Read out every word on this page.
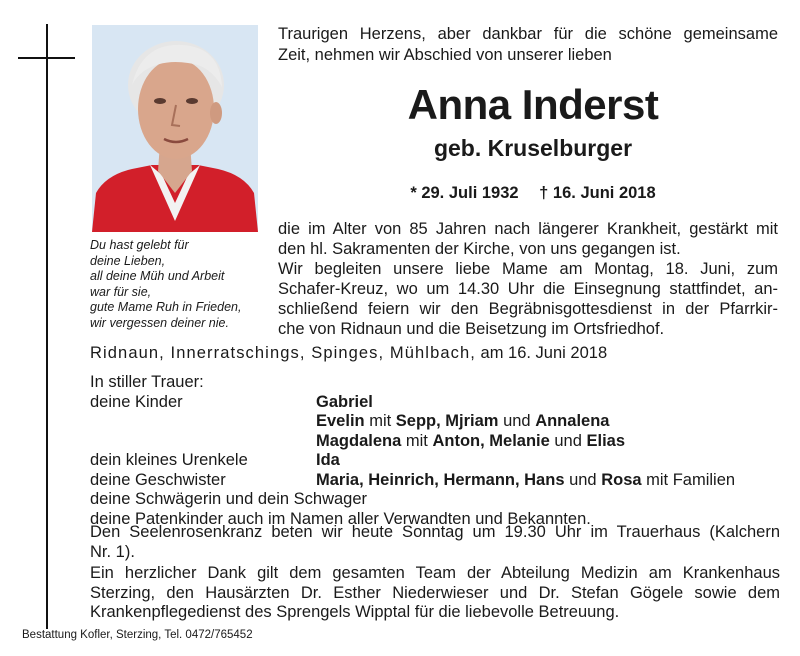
Du hast gelebt für
deine Lieben,
all deine Müh und Arbeit
war für sie,
gute Mame Ruh in Frieden,
wir vergessen deiner nie.
Traurigen Herzens, aber dankbar für die schöne gemeinsame
Zeit, nehmen wir Abschied von unserer lieben
Anna Inderst
geb. Kruselburger
* 29. Juli 1932 † 16. Juni 2018
die im Alter von 85 Jahren nach längerer Krankheit, gestärkt mit
den hl. Sakramenten der Kirche, von uns gegangen ist.
Wir begleiten unsere liebe Mame am Montag, 18. Juni, zum
Schafer-Kreuz, wo um 14.30 Uhr die Einsegnung stattfindet, an-
schließend feiern wir den Begräbnisgottesdienst in der Pfarrkir-
che von Ridnaun und die Beisetzung im Ortsfriedhof.
Ridnaun, Innerratschings, Spinges, Mühlbach, am 16. Juni 2018
In stiller Trauer:
deine Kinder	Gabriel
Evelin mit Sepp, Mjriam und Annalena
Magdalena mit Anton, Melanie und Elias
dein kleines Urenkele	Ida
deine Geschwister	Maria, Heinrich, Hermann, Hans und Rosa mit Familien
deine Schwägerin und dein Schwager
deine Patenkinder auch im Namen aller Verwandten und Bekannten.
Den Seelenrosenkranz beten wir heute Sonntag um 19.30 Uhr im Trauerhaus (Kalchern
Nr. 1).
Ein herzlicher Dank gilt dem gesamten Team der Abteilung Medizin am Krankenhaus
Sterzing, den Hausärzten Dr. Esther Niederwieser und Dr. Stefan Gögele sowie dem
Krankenpflegedienst des Sprengels Wipptal für die liebevolle Betreuung.
Bestattung Kofler, Sterzing, Tel. 0472/765452
